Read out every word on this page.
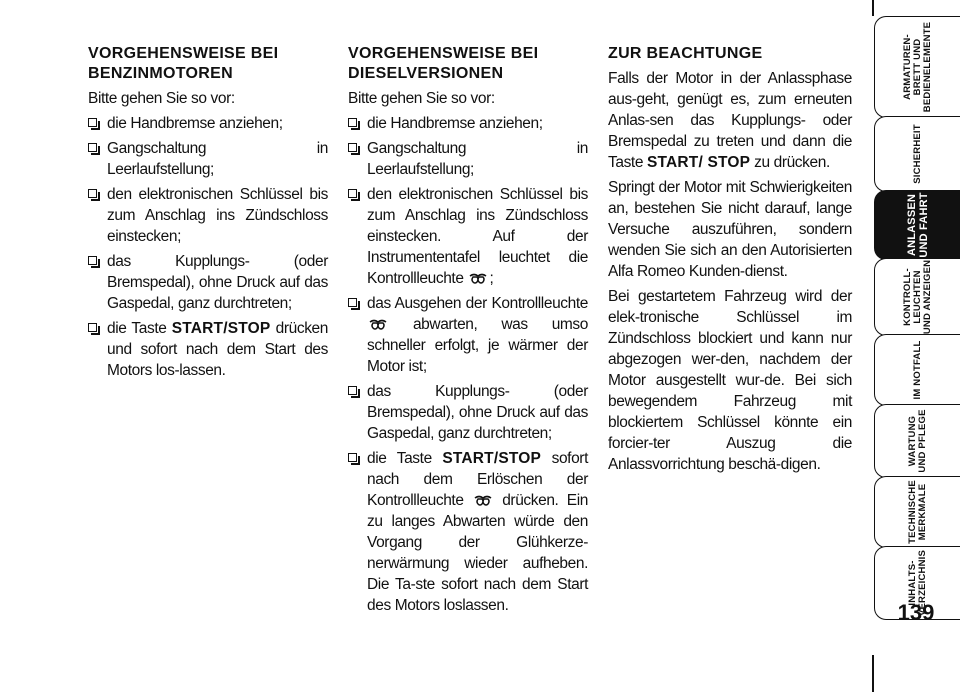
VORGEHENSWEISE BEI
BENZINMOTOREN

Bitte gehen Sie so vor:

die Handbremse anziehen;
Gangschaltung in Leerlaufstellung;
den elektronischen Schlüssel bis zum Anschlag ins Zündschloss einstecken;
das Kupplungs- (oder Bremspedal), ohne Druck auf das Gaspedal, ganz durchtreten;
die Taste START/STOP drücken und sofort nach dem Start des Motors los-lassen.
VORGEHENSWEISE BEI
DIESELVERSIONEN

Bitte gehen Sie so vor:

die Handbremse anziehen;
Gangschaltung in Leerlaufstellung;
den elektronischen Schlüssel bis zum Anschlag ins Zündschloss einstecken. Auf der Instrumententafel leuchtet die Kontrollleuchte ;
das Ausgehen der Kontrollleuchte  abwarten, was umso schneller erfolgt, je wärmer der Motor ist;
das Kupplungs- (oder Bremspedal), ohne Druck auf das Gaspedal, ganz durchtreten;
die Taste START/STOP sofort nach dem Erlöschen der Kontrollleuchte  drücken. Ein zu langes Abwarten würde den Vorgang der Glühkerze-nerwärmung wieder aufheben. Die Ta-ste sofort nach dem Start des Motors loslassen.
ZUR BEACHTUNGE

Falls der Motor in der Anlassphase aus-geht, genügt es, zum erneuten Anlas-sen das Kupplungs- oder Bremspedal zu treten und dann die Taste START/ STOP zu drücken.

Springt der Motor mit Schwierigkeiten an, bestehen Sie nicht darauf, lange Versuche auszuführen, sondern wenden Sie sich an den Autorisierten Alfa Romeo Kunden-dienst.

Bei gestartetem Fahrzeug wird der elek-tronische Schlüssel im Zündschloss blockiert und kann nur abgezogen wer-den, nachdem der Motor ausgestellt wur-de. Bei sich bewegendem Fahrzeug mit blockiertem Schlüssel könnte ein forcier-ter Auszug die Anlassvorrichtung beschä-digen.

ARMATUREN-
BRETT UND
BEDIENELEMENTE
SICHERHEIT
ANLASSEN
UND FAHRT
KONTROLL-
LEUCHTEN
UND ANZEIGEN
IM NOTFALL
WARTUNG
UND PFLEGE
TECHNISCHE
MERKMALE
INHALTS-
VERZEICHNIS
139
